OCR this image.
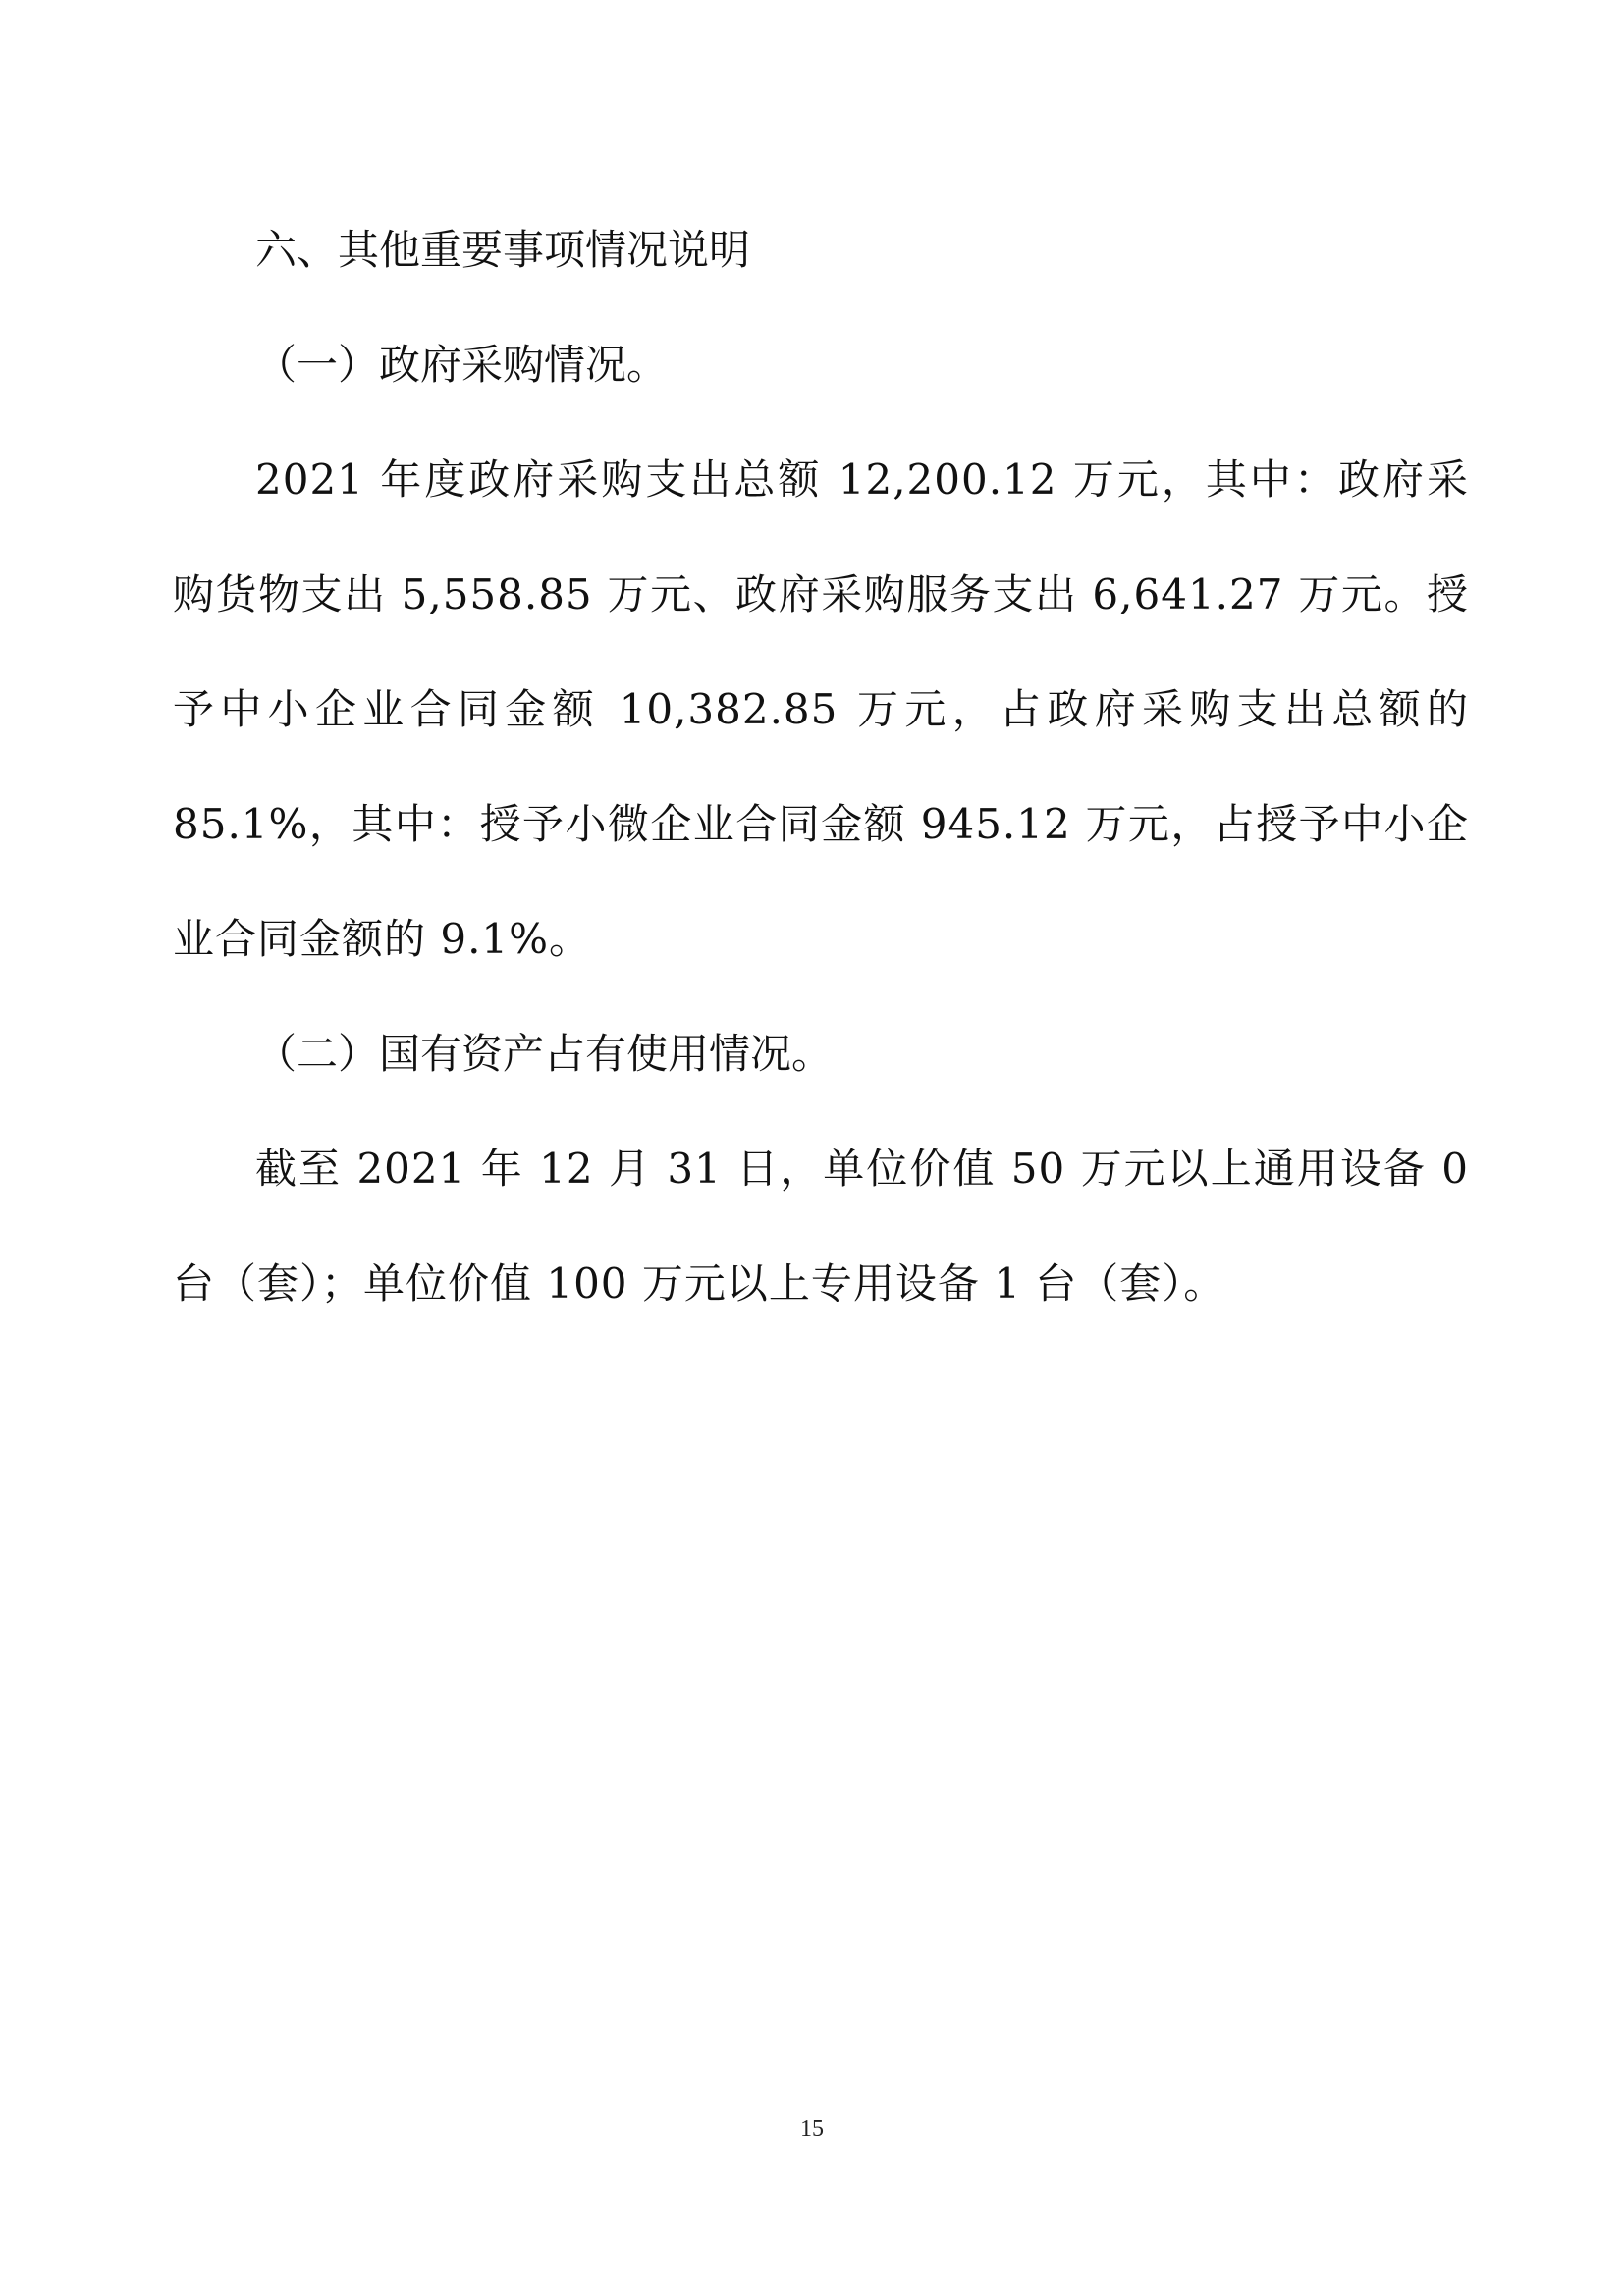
六、其他重要事项情况说明
（一）政府采购情况。
2021 年度政府采购支出总额 12,200.12 万元，其中：政府采购货物支出 5,558.85 万元、政府采购服务支出 6,641.27 万元。授予中小企业合同金额 10,382.85 万元，占政府采购支出总额的 85.1%，其中：授予小微企业合同金额 945.12 万元，占授予中小企业合同金额的 9.1%。
（二）国有资产占有使用情况。
截至 2021 年 12 月 31 日，单位价值 50 万元以上通用设备 0 台（套）；单位价值 100 万元以上专用设备 1 台（套）。
15
